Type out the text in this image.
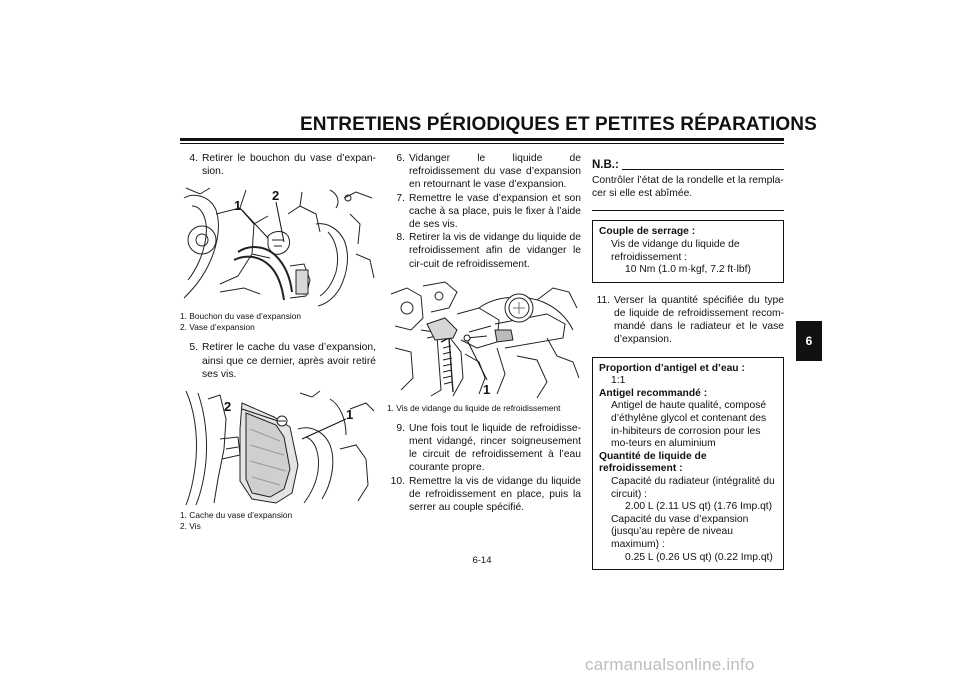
ENTRETIENS PÉRIODIQUES ET PETITES RÉPARATIONS

4. Retirer le bouchon du vase d’expan-sion.

1
2

1. Bouchon du vase d’expansion

2. Vase d’expansion

5. Retirer le cache du vase d’expansion, ainsi que ce dernier, après avoir retiré ses vis.

2
1

1. Cache du vase d’expansion

2. Vis

6. Vidanger le liquide de refroidissement du vase d’expansion en retournant le vase d’expansion.

7. Remettre le vase d’expansion et son cache à sa place, puis le fixer à l’aide de ses vis.

8. Retirer la vis de vidange du liquide de refroidissement afin de vidanger le cir-cuit de refroidissement.

1

1. Vis de vidange du liquide de refroidissement

9. Une fois tout le liquide de refroidisse-ment vidangé, rincer soigneusement le circuit de refroidissement à l’eau courante propre.

10. Remettre la vis de vidange du liquide de refroidissement en place, puis la serrer au couple spécifié.

N.B.:

Contrôler l’état de la rondelle et la rempla-cer si elle est abîmée.

Couple de serrage :

Vis de vidange du liquide de refroidissement :

10 Nm (1.0 m·kgf, 7.2 ft·lbf)

11. Verser la quantité spécifiée du type de liquide de refroidissement recom-mandé dans le radiateur et le vase d’expansion.

Proportion d’antigel et d’eau :

1:1

Antigel recommandé :

Antigel de haute qualité, composé d’éthylène glycol et contenant des in-hibiteurs de corrosion pour les mo-teurs en aluminium

Quantité de liquide de refroidissement :

Capacité du radiateur (intégralité du circuit) :

2.00 L (2.11 US qt) (1.76 Imp.qt)

Capacité du vase d’expansion (jusqu’au repère de niveau maximum) :

0.25 L (0.26 US qt) (0.22 Imp.qt)

6
6-14
carmanualsonline.info
